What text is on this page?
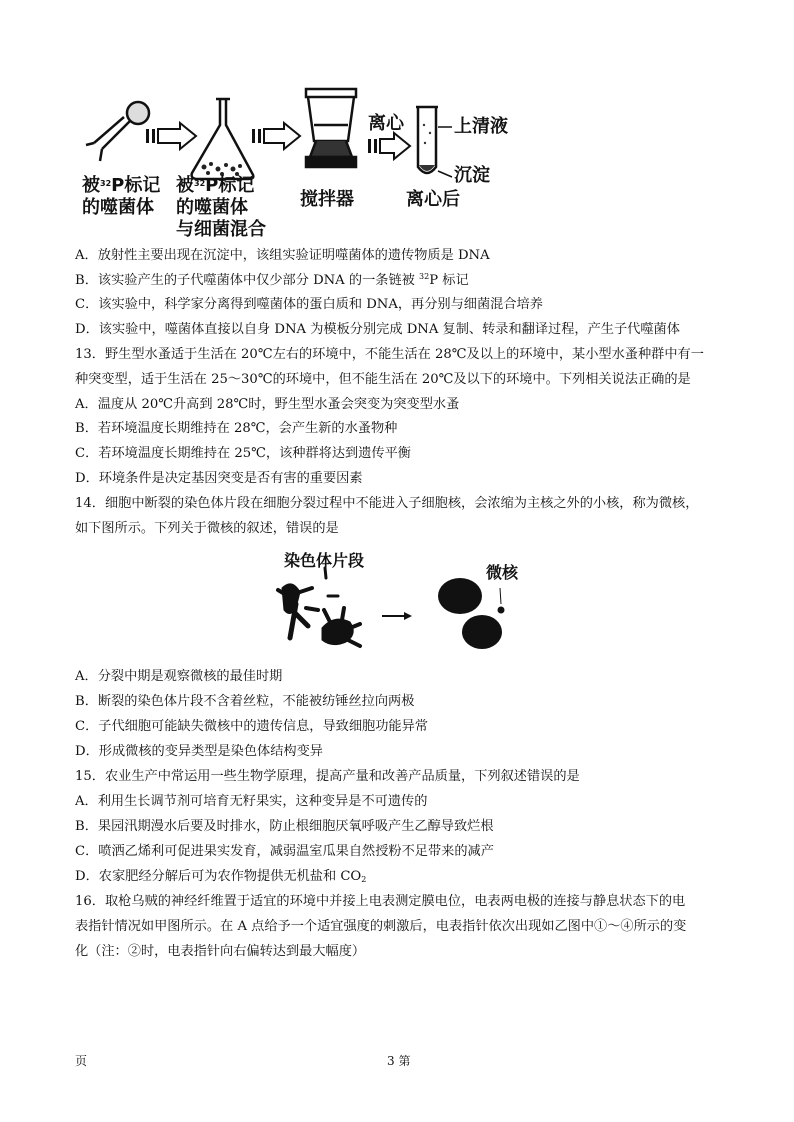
被$^{32}$P标记
的噬菌体
被$^{32}$P标记
的噬菌体
与细菌混合
搅拌器
离心
离心后
上清液
沉淀
A．放射性主要出现在沉淀中，该组实验证明噬菌体的遗传物质是 DNA
B．该实验产生的子代噬菌体中仅少部分 DNA 的一条链被 $^{32}$P 标记
C．该实验中，科学家分离得到噬菌体的蛋白质和 DNA，再分别与细菌混合培养
D．该实验中，噬菌体直接以自身 DNA 为模板分别完成 DNA 复制、转录和翻译过程，产生子代噬菌体
13．野生型水蚤适于生活在 20℃左右的环境中，不能生活在 28℃及以上的环境中，某小型水蚤种群中有一
种突变型，适于生活在 25～30℃的环境中，但不能生活在 20℃及以下的环境中。下列相关说法正确的是
A．温度从 20℃升高到 28℃时，野生型水蚤会突变为突变型水蚤
B．若环境温度长期维持在 28℃，会产生新的水蚤物种
C．若环境温度长期维持在 25℃，该种群将达到遗传平衡
D．环境条件是决定基因突变是否有害的重要因素
14．细胞中断裂的染色体片段在细胞分裂过程中不能进入子细胞核，会浓缩为主核之外的小核，称为微核，
如下图所示。下列关于微核的叙述，错误的是
染色体片段
微核
A．分裂中期是观察微核的最佳时期
B．断裂的染色体片段不含着丝粒，不能被纺锤丝拉向两极
C．子代细胞可能缺失微核中的遗传信息，导致细胞功能异常
D．形成微核的变异类型是染色体结构变异
15．农业生产中常运用一些生物学原理，提高产量和改善产品质量，下列叙述错误的是
A．利用生长调节剂可培育无籽果实，这种变异是不可遗传的
B．果园汛期漫水后要及时排水，防止根细胞厌氧呼吸产生乙醇导致烂根
C．喷洒乙烯利可促进果实发育，减弱温室瓜果自然授粉不足带来的减产
D．农家肥经分解后可为农作物提供无机盐和 $CO_2$
16．取枪乌贼的神经纤维置于适宜的环境中并接上电表测定膜电位，电表两电极的连接与静息状态下的电
表指针情况如甲图所示。在 A 点给予一个适宜强度的刺激后，电表指针依次出现如乙图中①～④所示的变
化（注：②时，电表指针向右偏转达到最大幅度）
页	3 第
